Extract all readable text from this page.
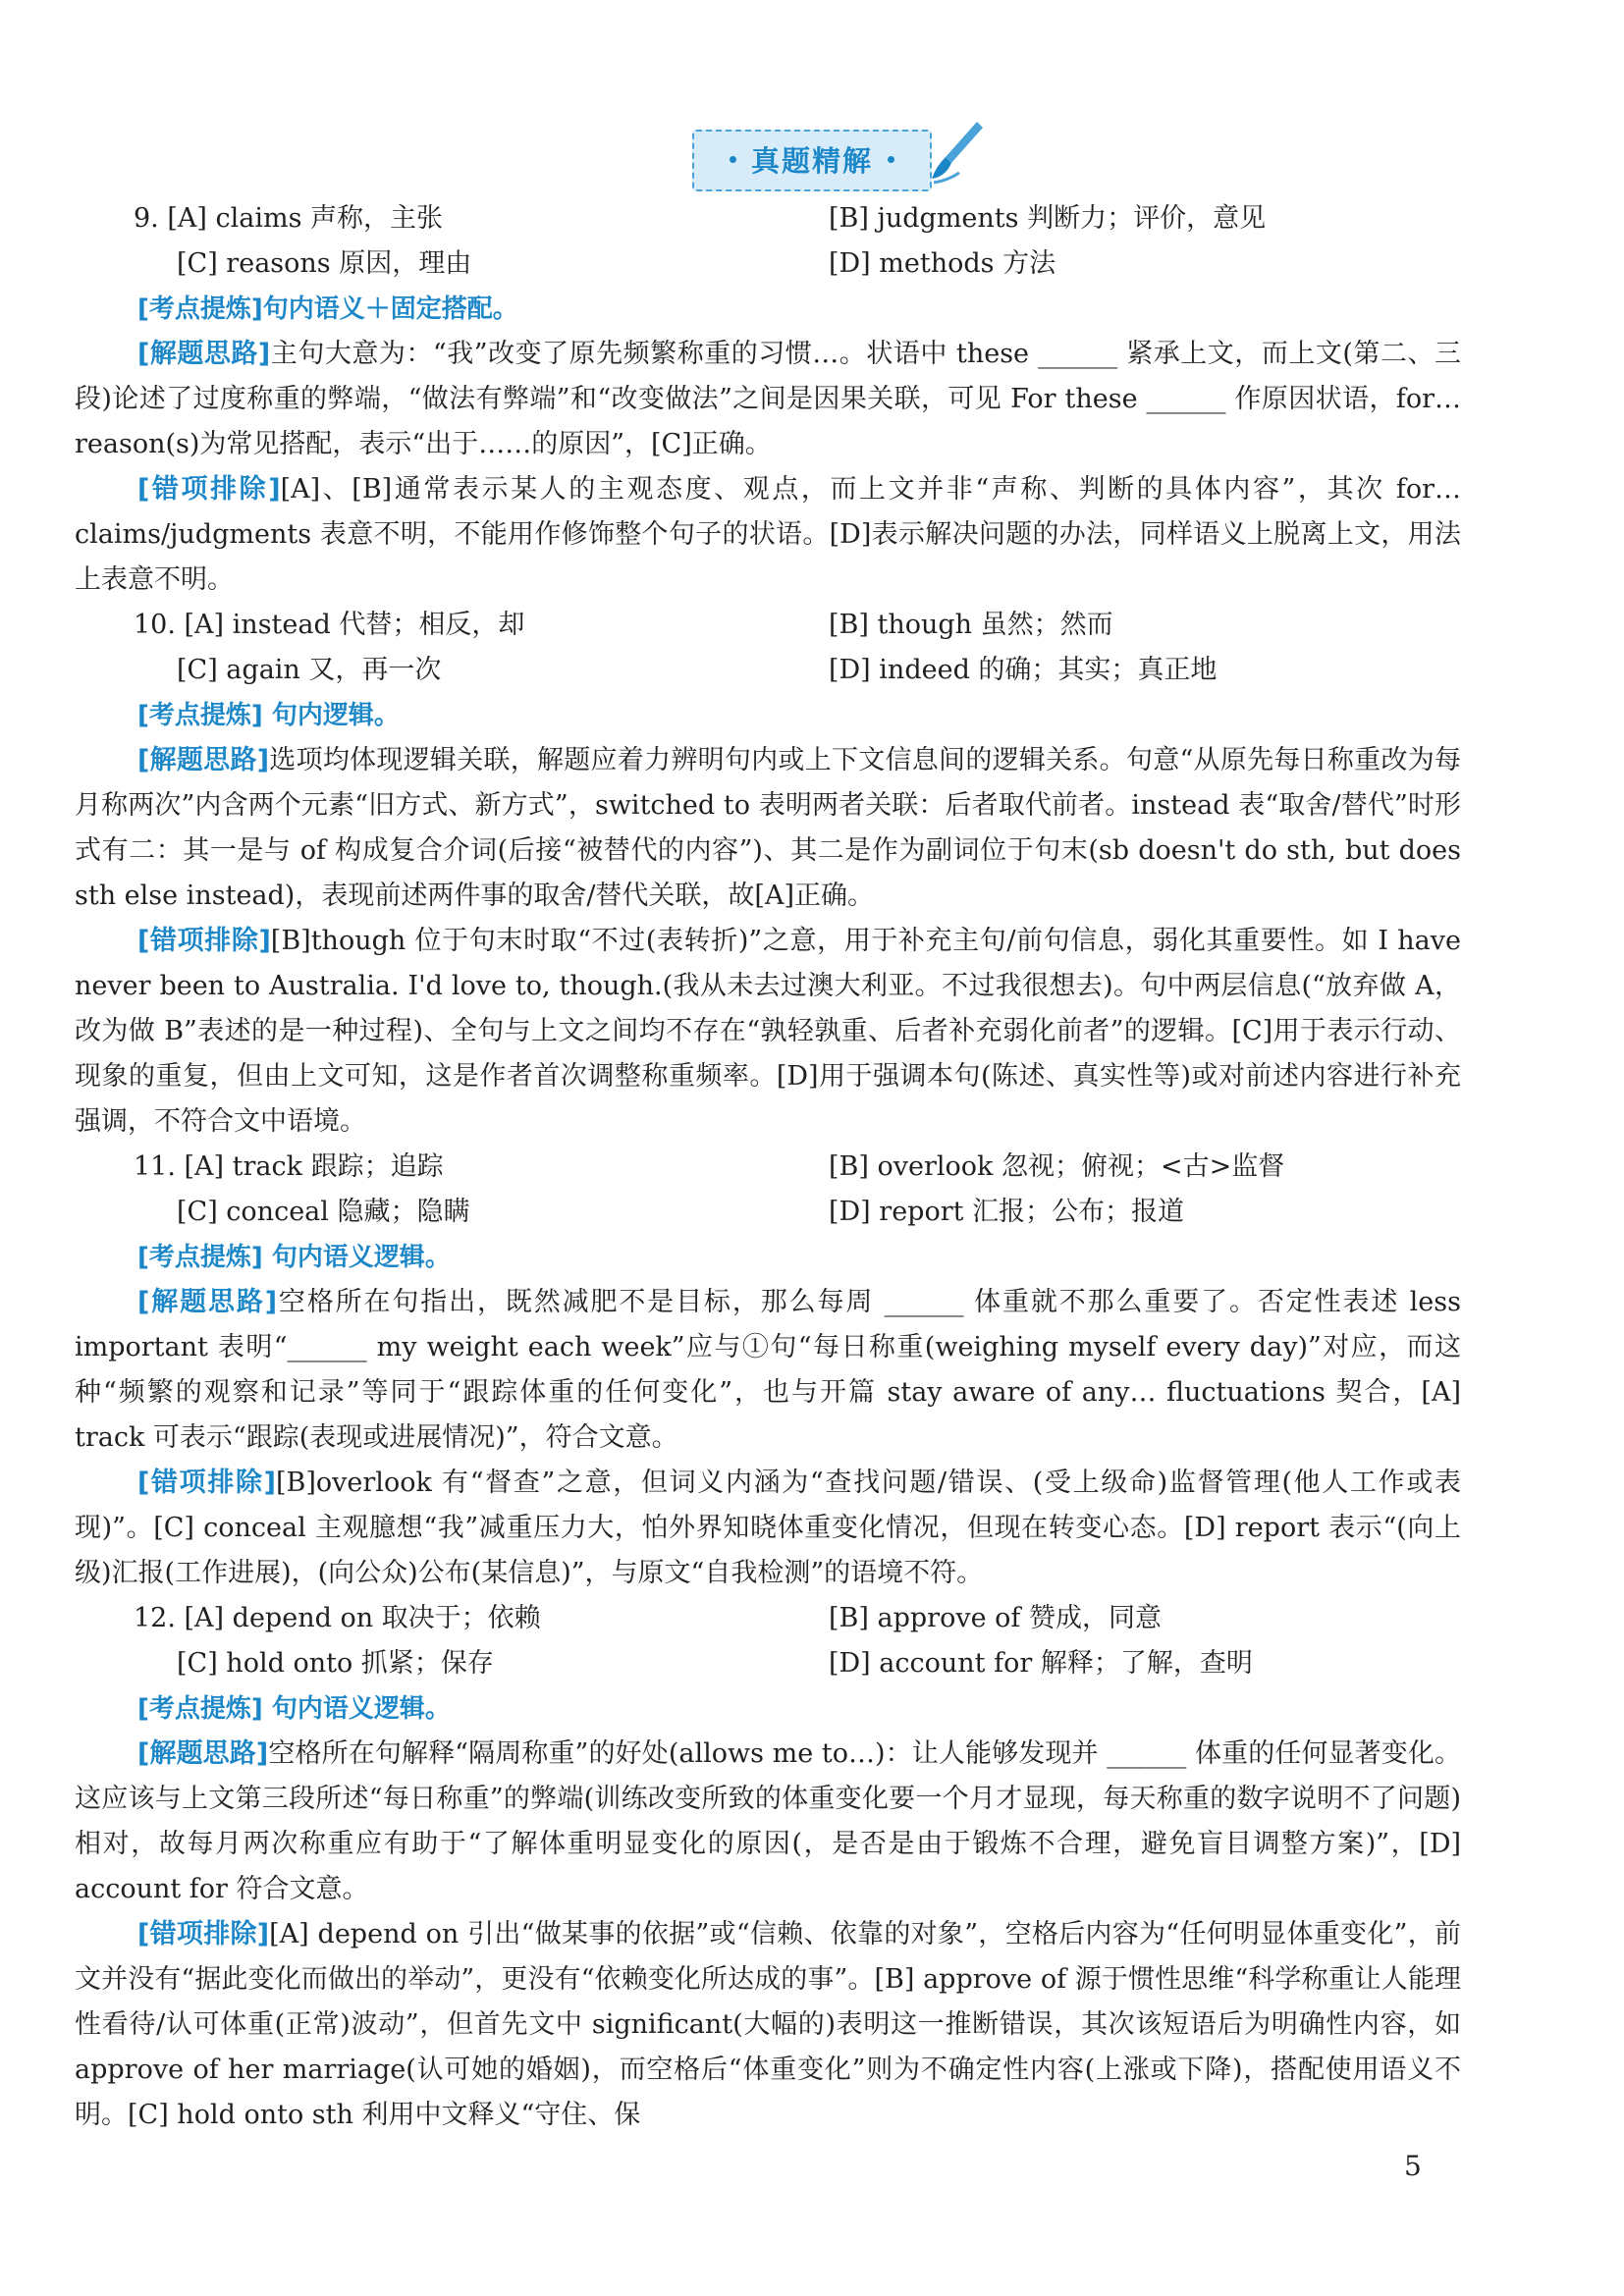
真题精解
9. [A] claims 声称，主张	[B] judgments 判断力；评价，意见
[C] reasons 原因，理由	[D] methods 方法
[考点提炼]句内语义＋固定搭配。

[解题思路]主句大意为：“我”改变了原先频繁称重的习惯…。状语中 these ______ 紧承上文，而上文(第二、三段)论述了过度称重的弊端，“做法有弊端”和“改变做法”之间是因果关联，可见 For these ______ 作原因状语，for… reason(s)为常见搭配，表示“出于……的原因”，[C]正确。

[错项排除][A]、[B]通常表示某人的主观态度、观点，而上文并非“声称、判断的具体内容”，其次 for… claims/judgments 表意不明，不能用作修饰整个句子的状语。[D]表示解决问题的办法，同样语义上脱离上文，用法上表意不明。

10. [A] instead 代替；相反，却	[B] though 虽然；然而
[C] again 又，再一次	[D] indeed 的确；其实；真正地
[考点提炼] 句内逻辑。

[解题思路]选项均体现逻辑关联，解题应着力辨明句内或上下文信息间的逻辑关系。句意“从原先每日称重改为每月称两次”内含两个元素“旧方式、新方式”，switched to 表明两者关联：后者取代前者。instead 表“取舍/替代”时形式有二：其一是与 of 构成复合介词(后接“被替代的内容”)、其二是作为副词位于句末(sb doesn't do sth, but does sth else instead)，表现前述两件事的取舍/替代关联，故[A]正确。

[错项排除][B]though 位于句末时取“不过(表转折)”之意，用于补充主句/前句信息，弱化其重要性。如 I have never been to Australia. I'd love to, though.(我从未去过澳大利亚。不过我很想去)。句中两层信息(“放弃做 A，改为做 B”表述的是一种过程)、全句与上文之间均不存在“孰轻孰重、后者补充弱化前者”的逻辑。[C]用于表示行动、现象的重复，但由上文可知，这是作者首次调整称重频率。[D]用于强调本句(陈述、真实性等)或对前述内容进行补充强调，不符合文中语境。

11. [A] track 跟踪；追踪	[B] overlook 忽视；俯视；<古>监督
[C] conceal 隐藏；隐瞒	[D] report 汇报；公布；报道
[考点提炼] 句内语义逻辑。

[解题思路]空格所在句指出，既然减肥不是目标，那么每周 ______ 体重就不那么重要了。否定性表述 less important 表明“______ my weight each week”应与①句“每日称重(weighing myself every day)”对应，而这种“频繁的观察和记录”等同于“跟踪体重的任何变化”，也与开篇 stay aware of any… fluctuations 契合，[A] track 可表示“跟踪(表现或进展情况)”，符合文意。

[错项排除][B]overlook 有“督查”之意，但词义内涵为“查找问题/错误、(受上级命)监督管理(他人工作或表现)”。[C] conceal 主观臆想“我”减重压力大，怕外界知晓体重变化情况，但现在转变心态。[D] report 表示“(向上级)汇报(工作进展)，(向公众)公布(某信息)”，与原文“自我检测”的语境不符。

12. [A] depend on 取决于；依赖	[B] approve of 赞成，同意
[C] hold onto 抓紧；保存	[D] account for 解释；了解，查明
[考点提炼] 句内语义逻辑。

[解题思路]空格所在句解释“隔周称重”的好处(allows me to…)：让人能够发现并 ______ 体重的任何显著变化。这应该与上文第三段所述“每日称重”的弊端(训练改变所致的体重变化要一个月才显现，每天称重的数字说明不了问题)相对，故每月两次称重应有助于“了解体重明显变化的原因(，是否是由于锻炼不合理，避免盲目调整方案)”，[D] account for 符合文意。

[错项排除][A] depend on 引出“做某事的依据”或“信赖、依靠的对象”，空格后内容为“任何明显体重变化”，前文并没有“据此变化而做出的举动”，更没有“依赖变化所达成的事”。[B] approve of 源于惯性思维“科学称重让人能理性看待/认可体重(正常)波动”，但首先文中 significant(大幅的)表明这一推断错误，其次该短语后为明确性内容，如 approve of her marriage(认可她的婚姻)，而空格后“体重变化”则为不确定性内容(上涨或下降)，搭配使用语义不明。[C] hold onto sth 利用中文释义“守住、保

5
